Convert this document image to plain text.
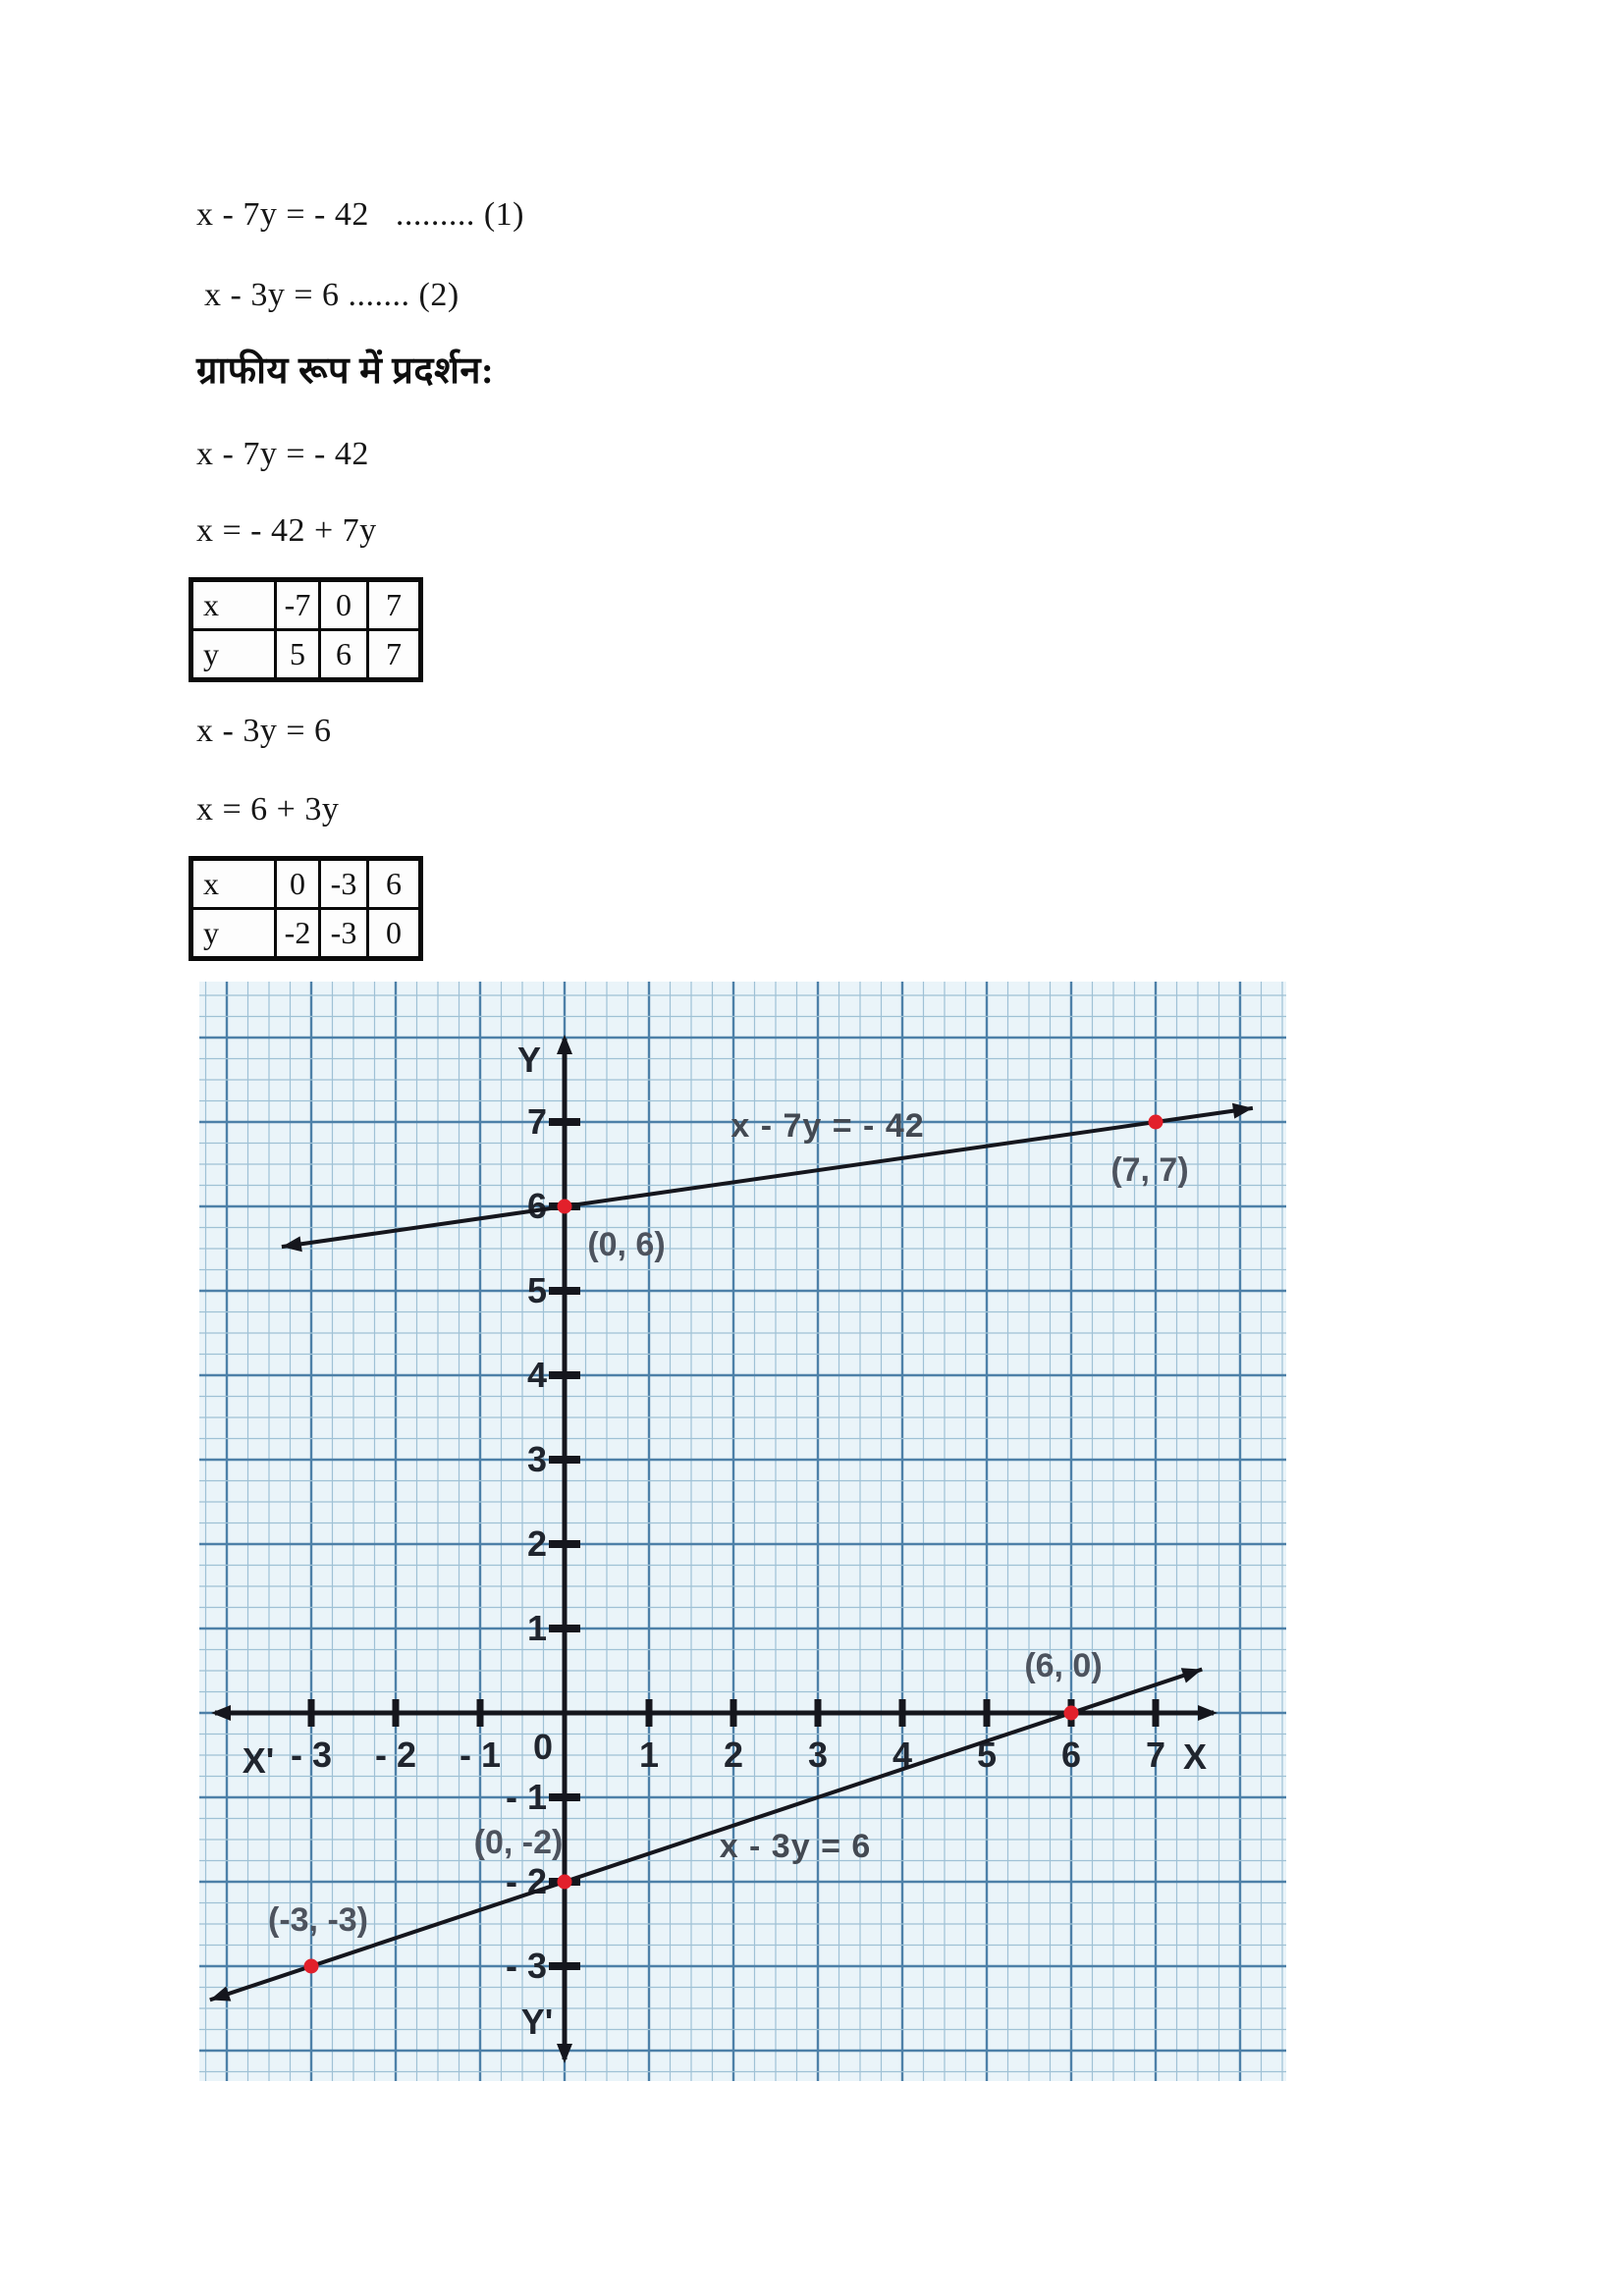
x - 7y = - 42   ......... (1)
x - 3y = 6 ....... (2)
ग्राफीय रूप में प्रदर्शन:
x - 7y = - 42
x = - 42 + 7y
x	-7	0	7
y	5	6	7
x - 3y = 6
x = 6 + 3y
x	0	-3	6
y	-2	-3	0
- 3 - 2 - 1	1 2 3 4 5 6 7
7
6
5
4
3
2
1
- 1
- 2
- 3
Y
Y'
X'	X
0
x - 7y = - 42
x - 3y = 6
(0, 6)
(7, 7)
(6, 0)
(0, -2)
(-3, -3)
